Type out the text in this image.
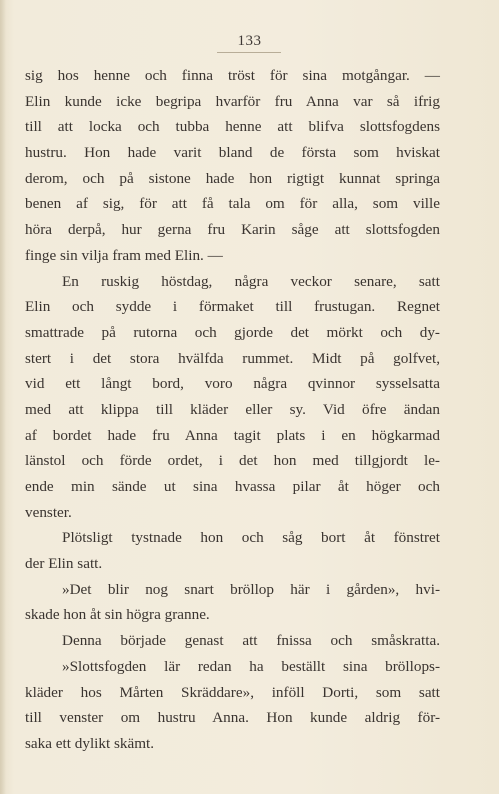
133
sig hos henne och finna tröst för sina motgångar. —
Elin kunde icke begripa hvarför fru Anna var så ifrig
till att locka och tubba henne att blifva slottsfogdens
hustru. Hon hade varit bland de första som hviskat
derom, och på sistone hade hon rigtigt kunnat springa
benen af sig, för att få tala om för alla, som ville
höra derpå, hur gerna fru Karin såge att slottsfogden
finge sin vilja fram med Elin. —
En ruskig höstdag, några veckor senare, satt
Elin och sydde i förmaket till frustugan. Regnet
smattrade på rutorna och gjorde det mörkt och dy-
stert i det stora hvälfda rummet. Midt på golfvet,
vid ett långt bord, voro några qvinnor sysselsatta
med att klippa till kläder eller sy. Vid öfre ändan
af bordet hade fru Anna tagit plats i en högkarmad
länstol och förde ordet, i det hon med tillgjordt le-
ende min sände ut sina hvassa pilar åt höger och
venster.
Plötsligt tystnade hon och såg bort åt fönstret
der Elin satt.
»Det blir nog snart bröllop här i gården», hvi-
skade hon åt sin högra granne.
Denna började genast att fnissa och småskratta.
»Slottsfogden lär redan ha beställt sina bröllops-
kläder hos Mårten Skräddare», inföll Dorti, som satt
till venster om hustru Anna. Hon kunde aldrig för-
saka ett dylikt skämt.
